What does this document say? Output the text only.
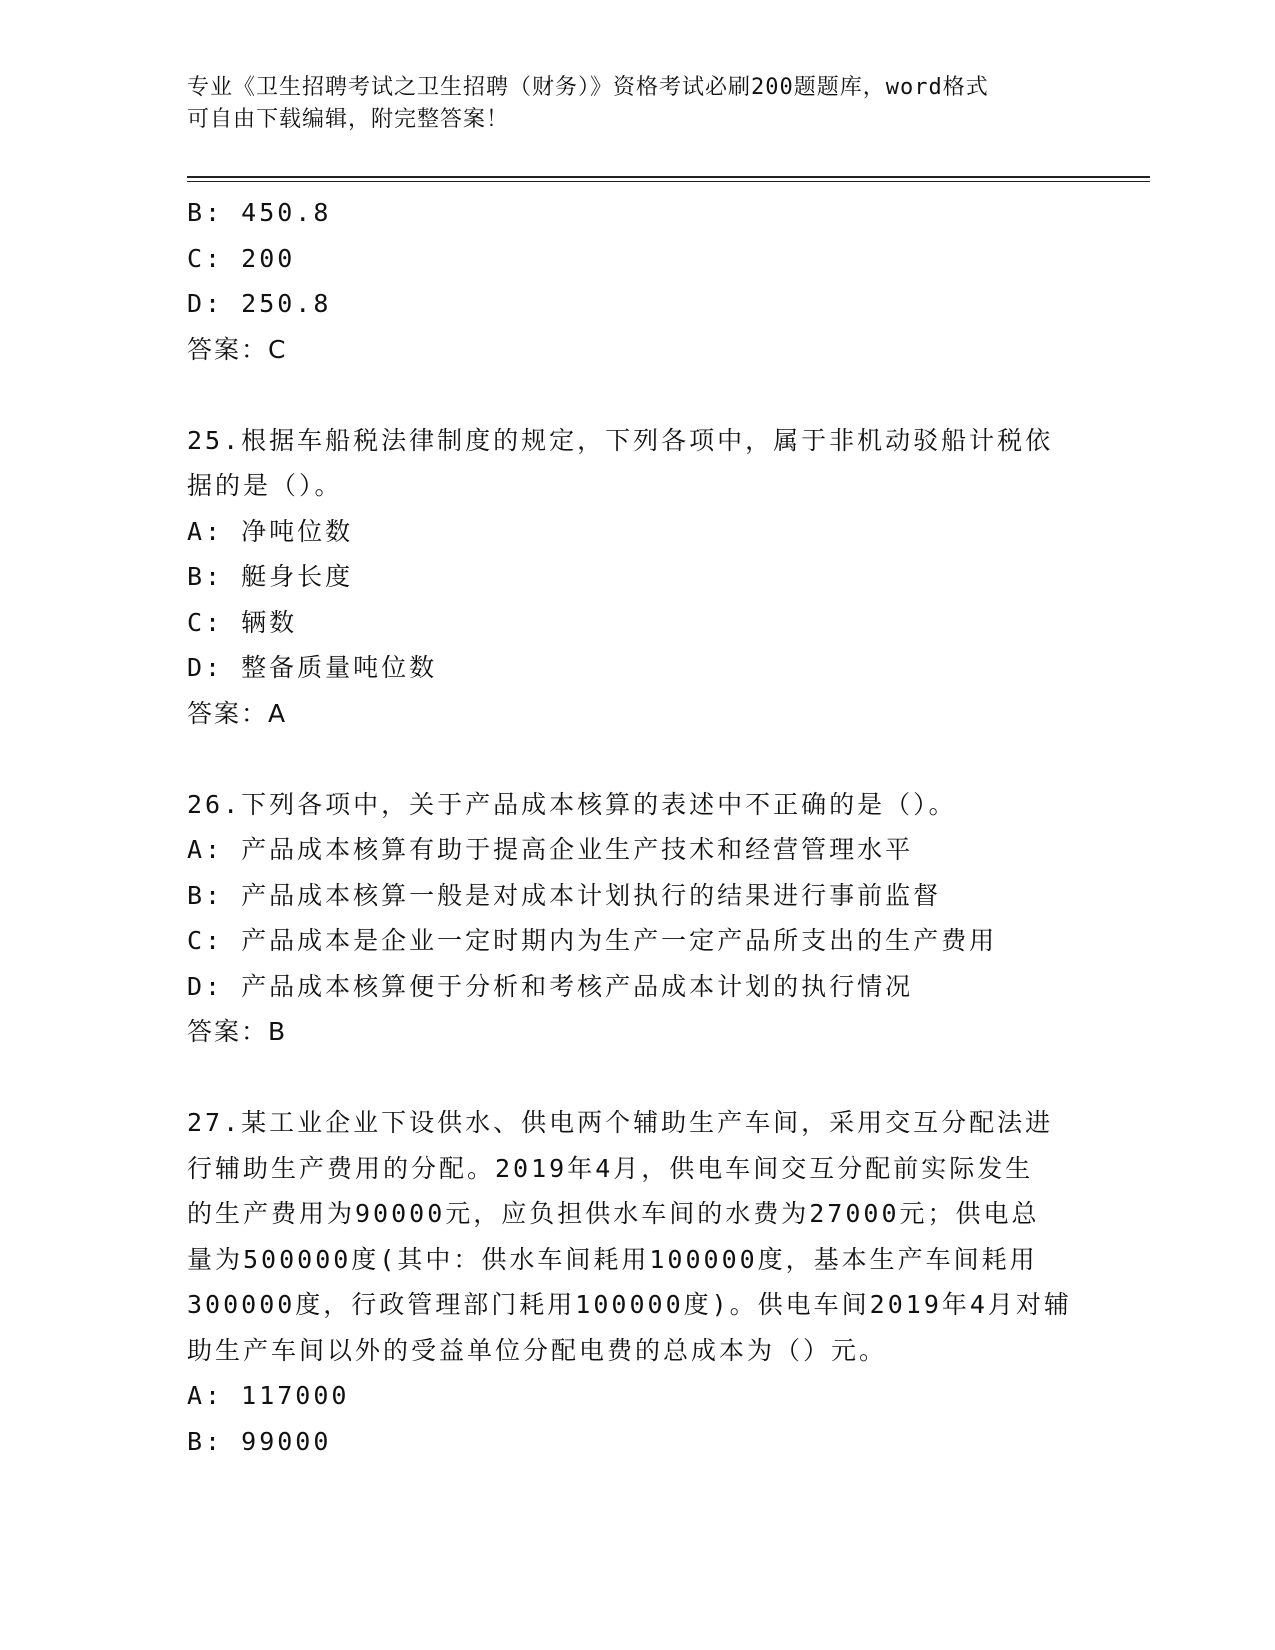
专业《卫生招聘考试之卫生招聘（财务）》资格考试必刷200题题库，word格式
可自由下载编辑，附完整答案！
B: 450.8
C: 200
D: 250.8
答案：C
25.根据车船税法律制度的规定，下列各项中，属于非机动驳船计税依
据的是（）。
A: 净吨位数
B: 艇身长度
C: 辆数
D: 整备质量吨位数
答案：A
26.下列各项中，关于产品成本核算的表述中不正确的是（）。
A: 产品成本核算有助于提高企业生产技术和经营管理水平
B: 产品成本核算一般是对成本计划执行的结果进行事前监督
C: 产品成本是企业一定时期内为生产一定产品所支出的生产费用
D: 产品成本核算便于分析和考核产品成本计划的执行情况
答案：B
27.某工业企业下设供水、供电两个辅助生产车间，采用交互分配法进
行辅助生产费用的分配。2019年4月，供电车间交互分配前实际发生
的生产费用为90000元，应负担供水车间的水费为27000元；供电总
量为500000度(其中：供水车间耗用100000度，基本生产车间耗用
300000度，行政管理部门耗用100000度)。供电车间2019年4月对辅
助生产车间以外的受益单位分配电费的总成本为（）元。
A: 117000
B: 99000
